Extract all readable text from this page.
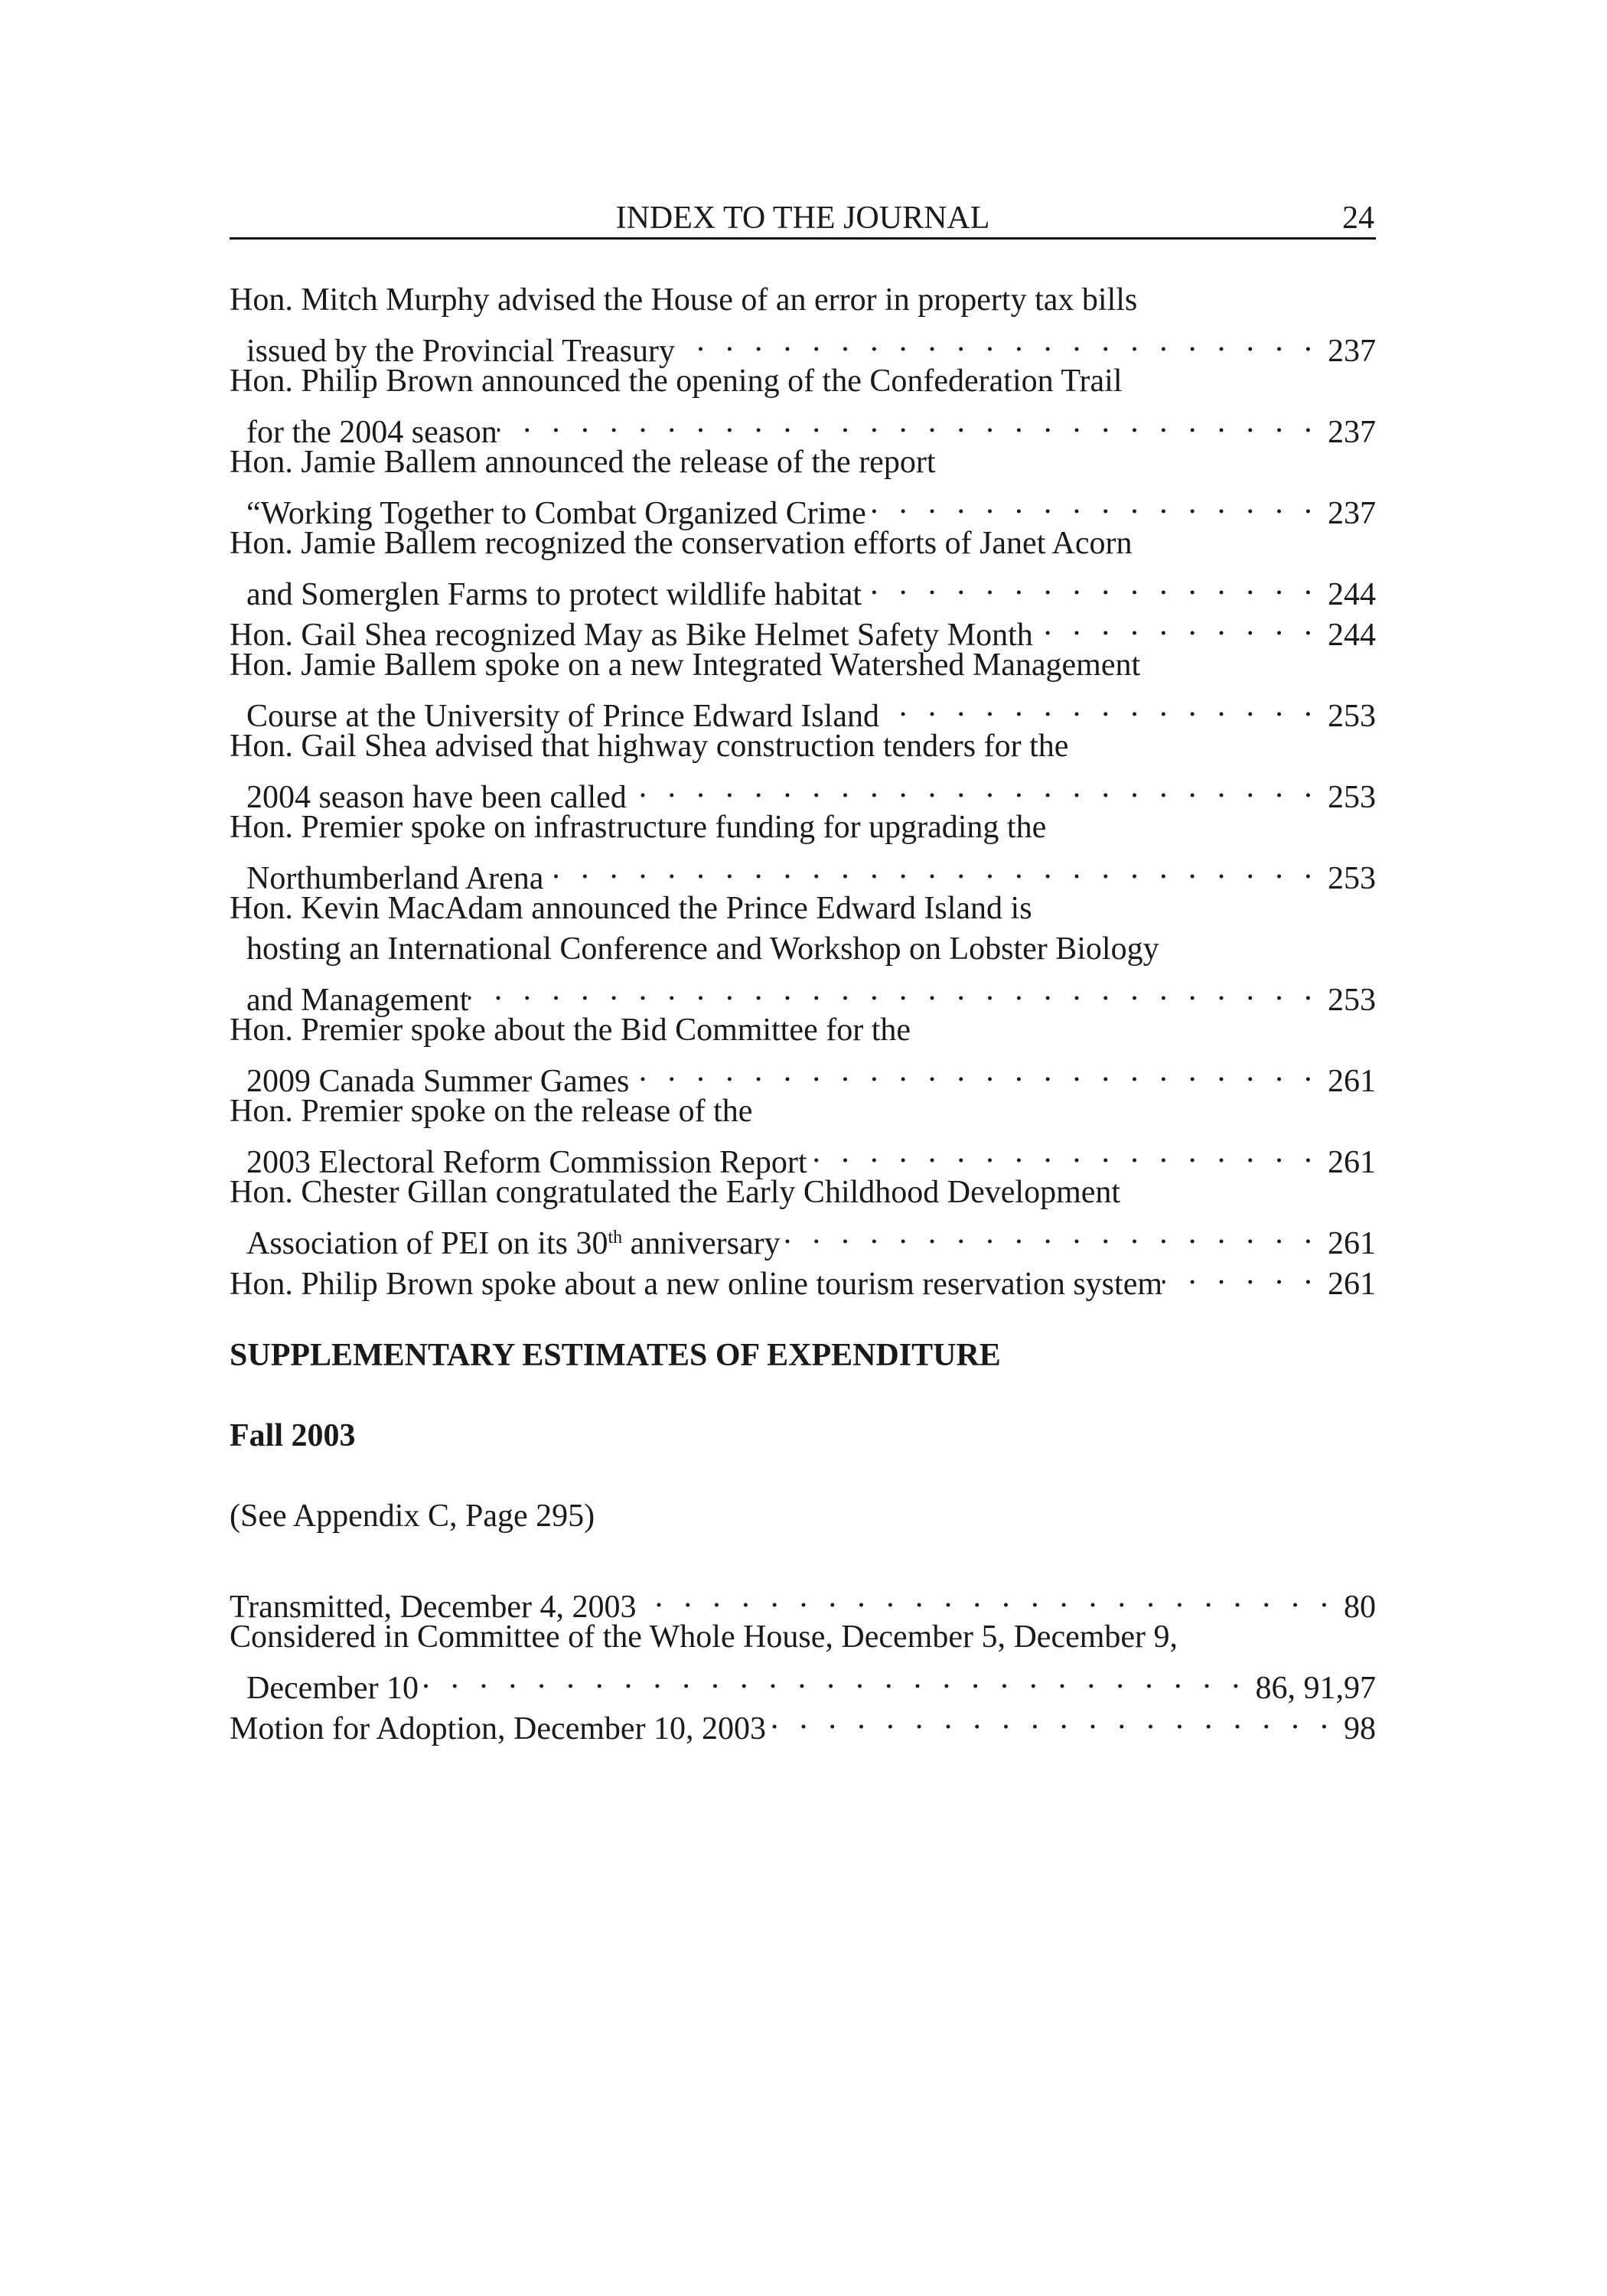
INDEX TO THE JOURNAL	24
Hon. Mitch Murphy advised the House of an error in property tax bills
issued by the Provincial Treasury . . .	237
Hon. Philip Brown announced the opening of the Confederation Trail
for the 2004 season . . .	237
Hon. Jamie Ballem announced the release of the report
“Working Together to Combat Organized Crime . . .	237
Hon. Jamie Ballem recognized the conservation efforts of Janet Acorn
and Somerglen Farms to protect wildlife habitat . . .	244
Hon. Gail Shea recognized May as Bike Helmet Safety Month . . .	244
Hon. Jamie Ballem spoke on a new Integrated Watershed Management
Course at the University of Prince Edward Island . . .	253
Hon. Gail Shea advised that highway construction tenders for the
2004 season have been called . . .	253
Hon. Premier spoke on infrastructure funding for upgrading the
Northumberland Arena . . .	253
Hon. Kevin MacAdam announced the Prince Edward Island is
hosting an International Conference and Workshop on Lobster Biology
and Management . . .	253
Hon. Premier spoke about the Bid Committee for the
2009 Canada Summer Games . . .	261
Hon. Premier spoke on the release of the
2003 Electoral Reform Commission Report . . .	261
Hon. Chester Gillan congratulated the Early Childhood Development
Association of PEI on its 30th anniversary . . .	261
Hon. Philip Brown spoke about a new online tourism reservation system . . .	261
SUPPLEMENTARY ESTIMATES OF EXPENDITURE
Fall 2003
(See Appendix C, Page 295)
Transmitted, December 4, 2003 . . .	80
Considered in Committee of the Whole House, December 5, December 9,
December 10 . . .	86, 91,97
Motion for Adoption, December 10, 2003 . . .	98
